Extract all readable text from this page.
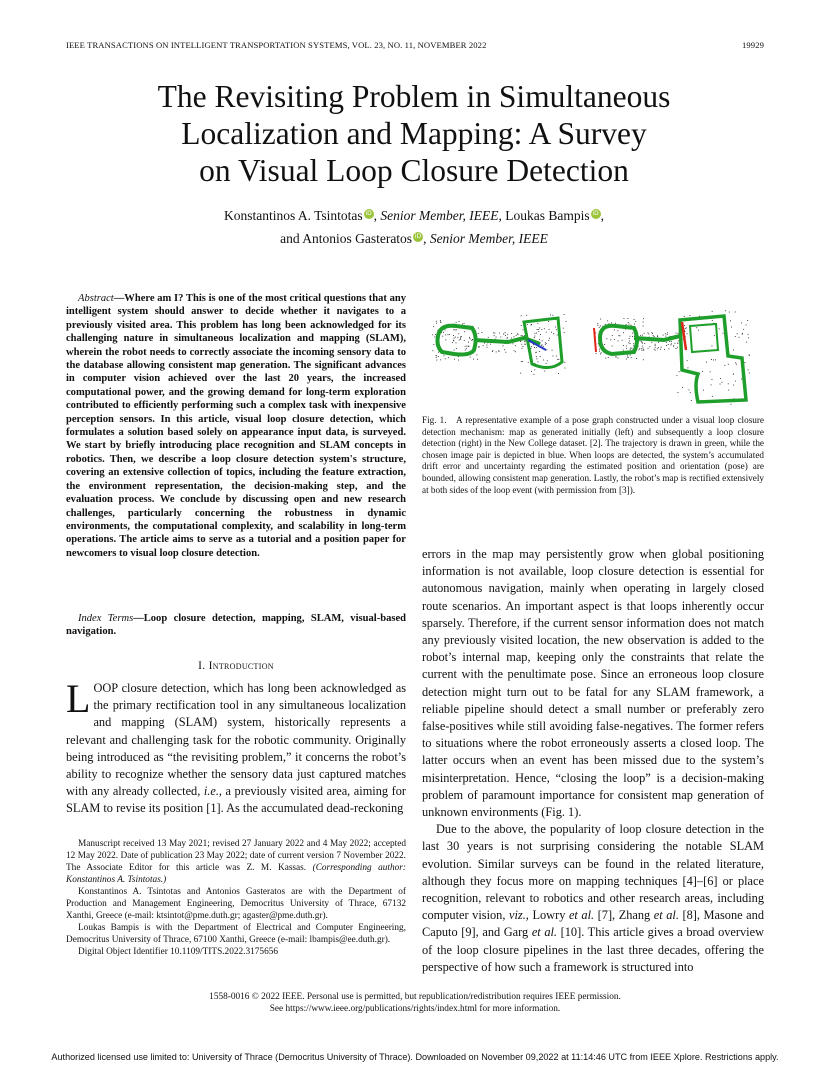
IEEE TRANSACTIONS ON INTELLIGENT TRANSPORTATION SYSTEMS, VOL. 23, NO. 11, NOVEMBER 2022	19929
The Revisiting Problem in Simultaneous
Localization and Mapping: A Survey
on Visual Loop Closure Detection
Konstantinos A. Tsintotas iD , Senior Member, IEEE, Loukas Bampis iD ,
and Antonios Gasteratos iD , Senior Member, IEEE
Abstract—Where am I? This is one of the most critical questions that any intelligent system should answer to decide whether it navigates to a previously visited area. This problem has long been acknowledged for its challenging nature in simultaneous localization and mapping (SLAM), wherein the robot needs to correctly associate the incoming sensory data to the database allowing consistent map generation. The significant advances in computer vision achieved over the last 20 years, the increased computational power, and the growing demand for long-term exploration contributed to efficiently performing such a complex task with inexpensive perception sensors. In this article, visual loop closure detection, which formulates a solution based solely on appearance input data, is surveyed. We start by briefly introducing place recognition and SLAM concepts in robotics. Then, we describe a loop closure detection system's structure, covering an extensive collection of topics, including the feature extraction, the environment representation, the decision-making step, and the evaluation process. We conclude by discussing open and new research challenges, particularly concerning the robustness in dynamic environments, the computational complexity, and scalability in long-term operations. The article aims to serve as a tutorial and a position paper for newcomers to visual loop closure detection.
Index Terms—Loop closure detection, mapping, SLAM, visual-based navigation.
I. Introduction
LOOP closure detection, which has long been acknowledged as the primary rectification tool in any simultaneous localization and mapping (SLAM) system, historically represents a relevant and challenging task for the robotic community. Originally being introduced as “the revisiting problem,” it concerns the robot’s ability to recognize whether the sensory data just captured matches with any already collected, i.e., a previously visited area, aiming for SLAM to revise its position [1]. As the accumulated dead-reckoning

Manuscript received 13 May 2021; revised 27 January 2022 and 4 May 2022; accepted 12 May 2022. Date of publication 23 May 2022; date of current version 7 November 2022. The Associate Editor for this article was Z. M. Kassas. (Corresponding author: Konstantinos A. Tsintotas.)

Konstantinos A. Tsintotas and Antonios Gasteratos are with the Department of Production and Management Engineering, Democritus University of Thrace, 67132 Xanthi, Greece (e-mail: ktsintot@pme.duth.gr; agaster@pme.duth.gr).

Loukas Bampis is with the Department of Electrical and Computer Engineering, Democritus University of Thrace, 67100 Xanthi, Greece (e-mail: lbampis@ee.duth.gr).

Digital Object Identifier 10.1109/TITS.2022.3175656

Fig. 1. A representative example of a pose graph constructed under a visual loop closure detection mechanism: map as generated initially (left) and subsequently a loop closure detection (right) in the New College dataset. [2]. The trajectory is drawn in green, while the chosen image pair is depicted in blue. When loops are detected, the system’s accumulated drift error and uncertainty regarding the estimated position and orientation (pose) are bounded, allowing consistent map generation. Lastly, the robot’s map is rectified extensively at both sides of the loop event (with permission from [3]).

errors in the map may persistently grow when global positioning information is not available, loop closure detection is essential for autonomous navigation, mainly when operating in largely closed route scenarios. An important aspect is that loops inherently occur sparsely. Therefore, if the current sensor information does not match any previously visited location, the new observation is added to the robot’s internal map, keeping only the constraints that relate the current with the penultimate pose. Since an erroneous loop closure detection might turn out to be fatal for any SLAM framework, a reliable pipeline should detect a small number or preferably zero false-positives while still avoiding false-negatives. The former refers to situations where the robot erroneously asserts a closed loop. The latter occurs when an event has been missed due to the system’s misinterpretation. Hence, “closing the loop” is a decision-making problem of paramount importance for consistent map generation of unknown environments (Fig. 1).

Due to the above, the popularity of loop closure detection in the last 30 years is not surprising considering the notable SLAM evolution. Similar surveys can be found in the related literature, although they focus more on mapping techniques [4]–[6] or place recognition, relevant to robotics and other research areas, including computer vision, viz., Lowry et al. [7], Zhang et al. [8], Masone and Caputo [9], and Garg et al. [10]. This article gives a broad overview of the loop closure pipelines in the last three decades, offering the perspective of how such a framework is structured into

1558-0016 © 2022 IEEE. Personal use is permitted, but republication/redistribution requires IEEE permission.
See https://www.ieee.org/publications/rights/index.html for more information.
Authorized licensed use limited to: University of Thrace (Democritus University of Thrace). Downloaded on November 09,2022 at 11:14:46 UTC from IEEE Xplore. Restrictions apply.
